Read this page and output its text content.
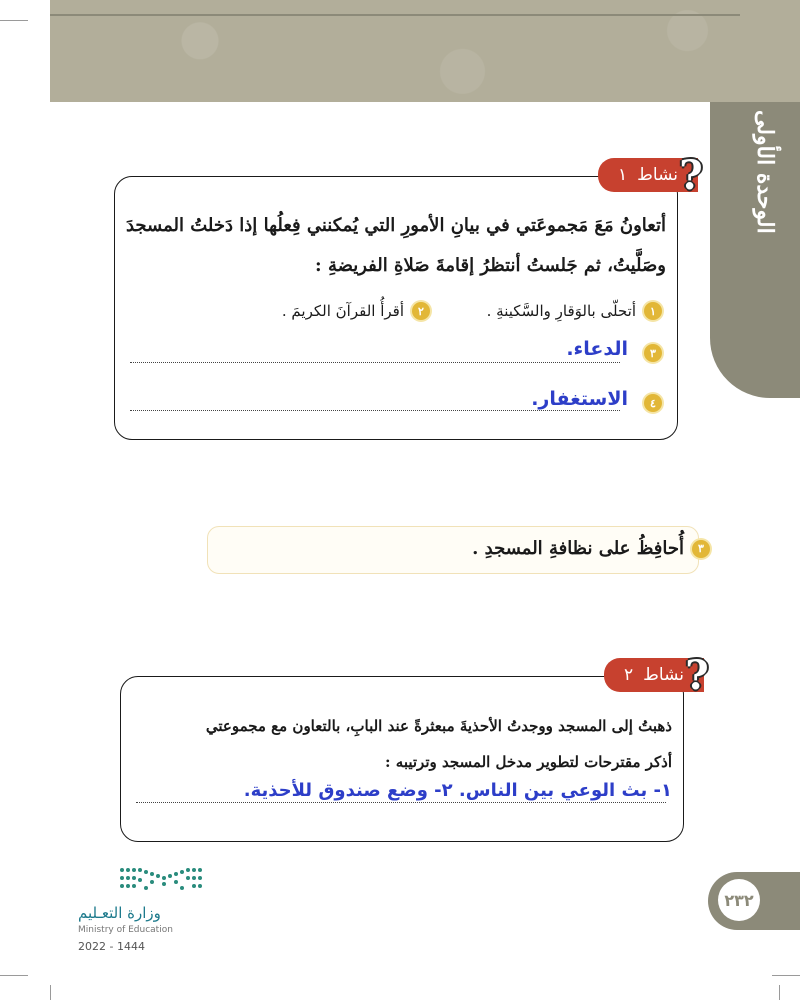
الوحدة الأولى
نشاط
١ ?
أتعاونُ مَعَ مَجموعَتي في بيانِ الأمورِ التي يُمكنني فِعلُها إذا دَخلتُ المسجدَ
وصَلَّيتُ، ثم جَلستُ أنتظرُ إقامةَ صَلاةِ الفريضةِ :
١
أتحلّى بالوَقارِ والسَّكينةِ .
٢
أقرأُ القرآنَ الكريمَ .
٣
الدعاء.
٤
الاستغفار.
٣
أُحافِظُ على نظافةِ المسجدِ .
نشاط
٢ ?
ذهبتُ إلى المسجد ووجدتُ الأحذيةَ مبعثرةً عند البابِ، بالتعاون مع مجموعتي
أذكر مقترحات لتطوير مدخل المسجد وترتيبه :
١- بث الوعي بين الناس. ٢- وضع صندوق للأحذية.
٢٣٢
وزارة التعـليم
Ministry of Education
2022 - 1444
